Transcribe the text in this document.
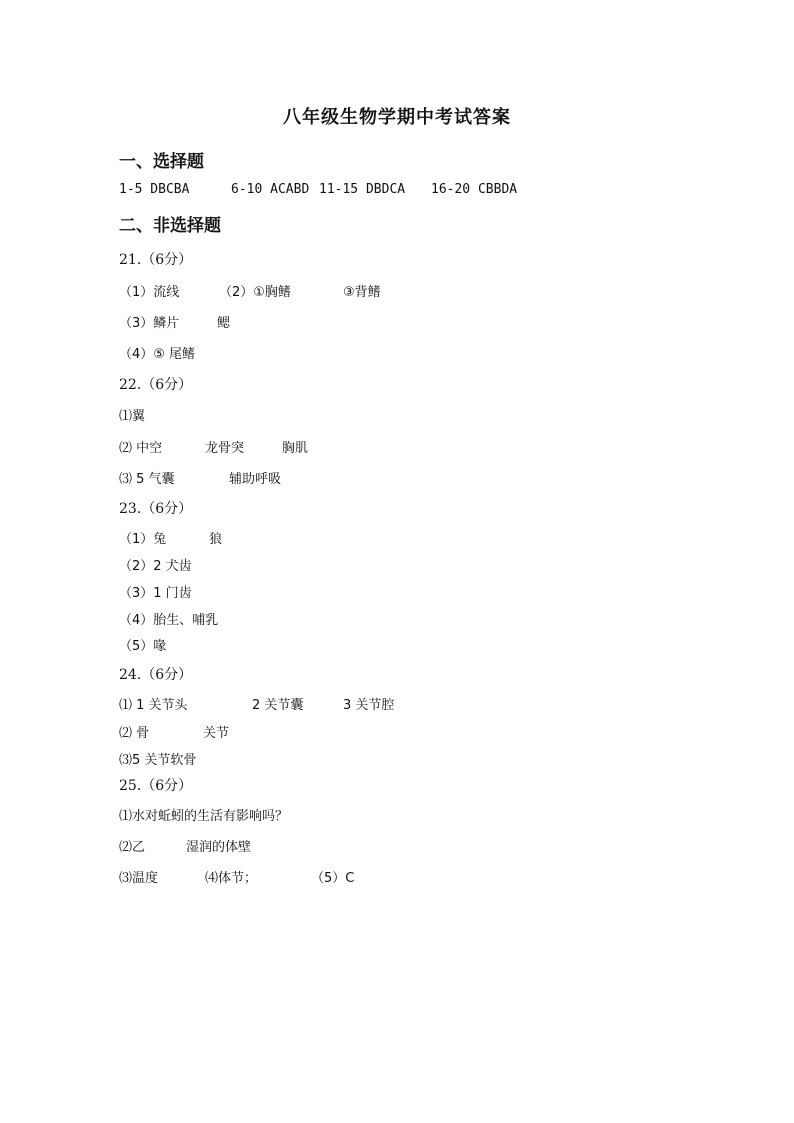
八年级生物学期中考试答案
一、选择题
1-5 DBCBA	6-10 ACABD 11-15 DBDCA 16-20 CBBDA
二、非选择题
21.（6分）
（1）流线	（2）①胸鳍	③背鳍
（3）鳞片	鳃
（4）⑤ 尾鳍
22.（6分）
⑴翼
⑵ 中空	龙骨突	胸肌
⑶ 5 气囊	辅助呼吸
23.（6分）
（1）兔	狼
（2）2 犬齿
（3）1 门齿
（4）胎生、哺乳
（5）喙
24.（6分）
⑴ 1 关节头	2 关节囊	3 关节腔
⑵ 骨	关节
⑶5 关节软骨
25.（6分）
⑴水对蚯蚓的生活有影响吗？
⑵乙	湿润的体壁
⑶温度	⑷体节；	（5）C
